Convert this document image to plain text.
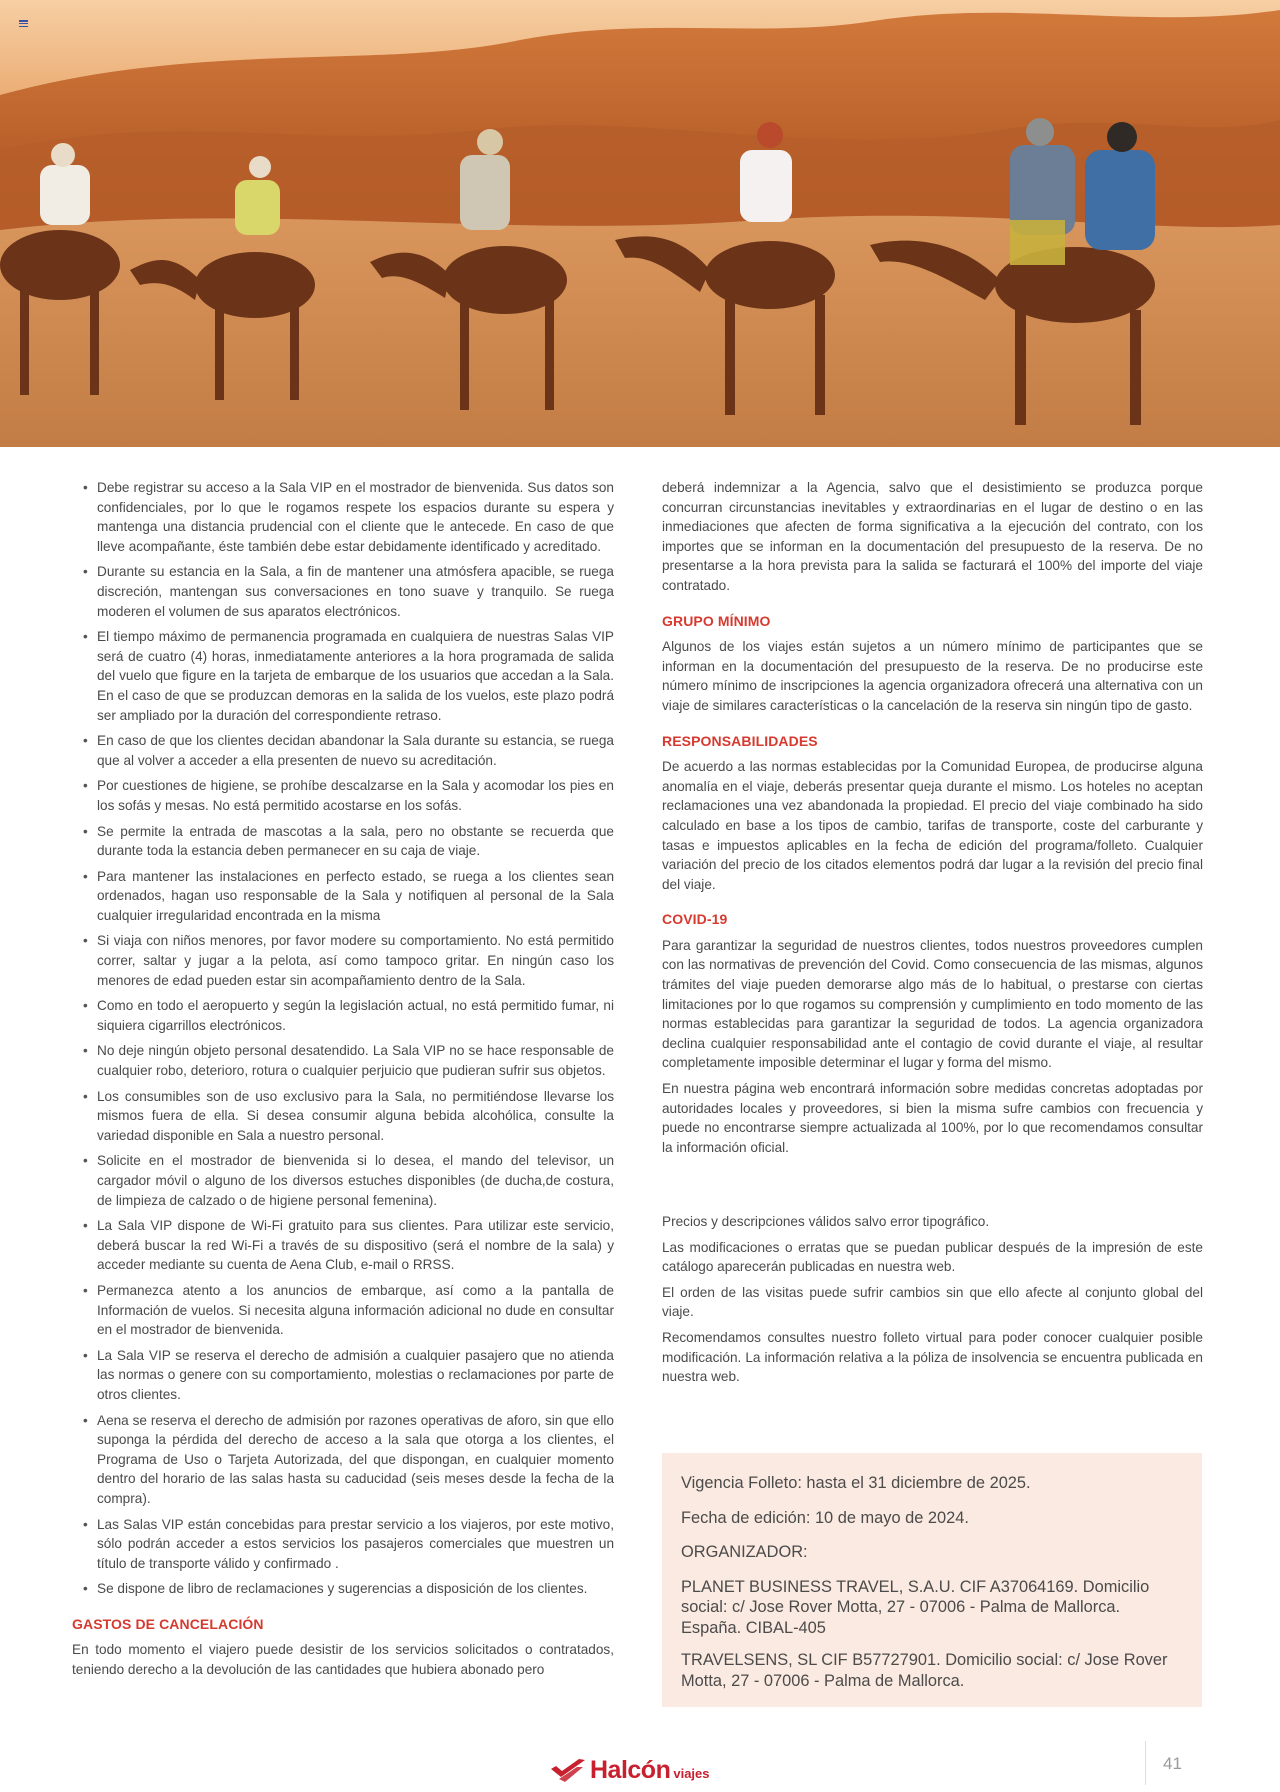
• Debe registrar su acceso a la Sala VIP en el mostrador de bienvenida. Sus datos son confidenciales, por lo que le rogamos respete los espacios durante su espera y mantenga una distancia prudencial con el cliente que le antecede. En caso de que lleve acompañante, éste también debe estar debidamente identificado y acreditado.
• Durante su estancia en la Sala, a fin de mantener una atmósfera apacible, se ruega discreción, mantengan sus conversaciones en tono suave y tranquilo. Se ruega moderen el volumen de sus aparatos electrónicos.
• El tiempo máximo de permanencia programada en cualquiera de nuestras Salas VIP será de cuatro (4) horas, inmediatamente anteriores a la hora programada de salida del vuelo que figure en la tarjeta de embarque de los usuarios que accedan a la Sala. En el caso de que se produzcan demoras en la salida de los vuelos, este plazo podrá ser ampliado por la duración del correspondiente retraso.
• En caso de que los clientes decidan abandonar la Sala durante su estancia, se ruega que al volver a acceder a ella presenten de nuevo su acreditación.
• Por cuestiones de higiene, se prohíbe descalzarse en la Sala y acomodar los pies en los sofás y mesas. No está permitido acostarse en los sofás.
• Se permite la entrada de mascotas a la sala, pero no obstante se recuerda que durante toda la estancia deben permanecer en su caja de viaje.
• Para mantener las instalaciones en perfecto estado, se ruega a los clientes sean ordenados, hagan uso responsable de la Sala y notifiquen al personal de la Sala cualquier irregularidad encontrada en la misma
• Si viaja con niños menores, por favor modere su comportamiento. No está permitido correr, saltar y jugar a la pelota, así como tampoco gritar. En ningún caso los menores de edad pueden estar sin acompañamiento dentro de la Sala.
• Como en todo el aeropuerto y según la legislación actual, no está permitido fumar, ni siquiera cigarrillos electrónicos.
• No deje ningún objeto personal desatendido. La Sala VIP no se hace responsable de cualquier robo, deterioro, rotura o cualquier perjuicio que pudieran sufrir sus objetos.
• Los consumibles son de uso exclusivo para la Sala, no permitiéndose llevarse los mismos fuera de ella. Si desea consumir alguna bebida alcohólica, consulte la variedad disponible en Sala a nuestro personal.
• Solicite en el mostrador de bienvenida si lo desea, el mando del televisor, un cargador móvil o alguno de los diversos estuches disponibles (de ducha,de costura, de limpieza de calzado o de higiene personal femenina).
• La Sala VIP dispone de Wi-Fi gratuito para sus clientes. Para utilizar este servicio, deberá buscar la red Wi-Fi a través de su dispositivo (será el nombre de la sala) y acceder mediante su cuenta de Aena Club, e-mail o RRSS.
• Permanezca atento a los anuncios de embarque, así como a la pantalla de Información de vuelos. Si necesita alguna información adicional no dude en consultar en el mostrador de bienvenida.
• La Sala VIP se reserva el derecho de admisión a cualquier pasajero que no atienda las normas o genere con su comportamiento, molestias o reclamaciones por parte de otros clientes.
• Aena se reserva el derecho de admisión por razones operativas de aforo, sin que ello suponga la pérdida del derecho de acceso a la sala que otorga a los clientes, el Programa de Uso o Tarjeta Autorizada, del que dispongan, en cualquier momento dentro del horario de las salas hasta su caducidad (seis meses desde la fecha de la compra).
• Las Salas VIP están concebidas para prestar servicio a los viajeros, por este motivo, sólo podrán acceder a estos servicios los pasajeros comerciales que muestren un título de transporte válido y confirmado .
• Se dispone de libro de reclamaciones y sugerencias a disposición de los clientes.
GASTOS DE CANCELACIÓN

En todo momento el viajero puede desistir de los servicios solicitados o contratados, teniendo derecho a la devolución de las cantidades que hubiera abonado pero

deberá indemnizar a la Agencia, salvo que el desistimiento se produzca porque concurran circunstancias inevitables y extraordinarias en el lugar de destino o en las inmediaciones que afecten de forma significativa a la ejecución del contrato, con los importes que se informan en la documentación del presupuesto de la reserva. De no presentarse a la hora prevista para la salida se facturará el 100% del importe del viaje contratado.

GRUPO MÍNIMO

Algunos de los viajes están sujetos a un número mínimo de participantes que se informan en la documentación del presupuesto de la reserva. De no producirse este número mínimo de inscripciones la agencia organizadora ofrecerá una alternativa con un viaje de similares características o la cancelación de la reserva sin ningún tipo de gasto.

RESPONSABILIDADES

De acuerdo a las normas establecidas por la Comunidad Europea, de producirse alguna anomalía en el viaje, deberás presentar queja durante el mismo. Los hoteles no aceptan reclamaciones una vez abandonada la propiedad. El precio del viaje combinado ha sido calculado en base a los tipos de cambio, tarifas de transporte, coste del carburante y tasas e impuestos aplicables en la fecha de edición del programa/folleto. Cualquier variación del precio de los citados elementos podrá dar lugar a la revisión del precio final del viaje.

COVID-19

Para garantizar la seguridad de nuestros clientes, todos nuestros proveedores cumplen con las normativas de prevención del Covid. Como consecuencia de las mismas, algunos trámites del viaje pueden demorarse algo más de lo habitual, o prestarse con ciertas limitaciones por lo que rogamos su comprensión y cumplimiento en todo momento de las normas establecidas para garantizar la seguridad de todos. La agencia organizadora declina cualquier responsabilidad ante el contagio de covid durante el viaje, al resultar completamente imposible determinar el lugar y forma del mismo.

En nuestra página web encontrará información sobre medidas concretas adoptadas por autoridades locales y proveedores, si bien la misma sufre cambios con frecuencia y puede no encontrarse siempre actualizada al 100%, por lo que recomendamos consultar la información oficial.

Precios y descripciones válidos salvo error tipográfico.

Las modificaciones o erratas que se puedan publicar después de la impresión de este catálogo aparecerán publicadas en nuestra web.

El orden de las visitas puede sufrir cambios sin que ello afecte al conjunto global del viaje.

Recomendamos consultes nuestro folleto virtual para poder conocer cualquier posible modificación. La información relativa a la póliza de insolvencia se encuentra publicada en nuestra web.

Vigencia Folleto: hasta el 31 diciembre de 2025.

Fecha de edición: 10 de mayo de 2024.

ORGANIZADOR:

PLANET BUSINESS TRAVEL, S.A.U. CIF A37064169. Domicilio social: c/ Jose Rover Motta, 27 - 07006 - Palma de Mallorca. España. CIBAL-405

TRAVELSENS, SL CIF B57727901. Domicilio social: c/ Jose Rover Motta, 27 - 07006 - Palma de Mallorca.

Halcón viajes
41
